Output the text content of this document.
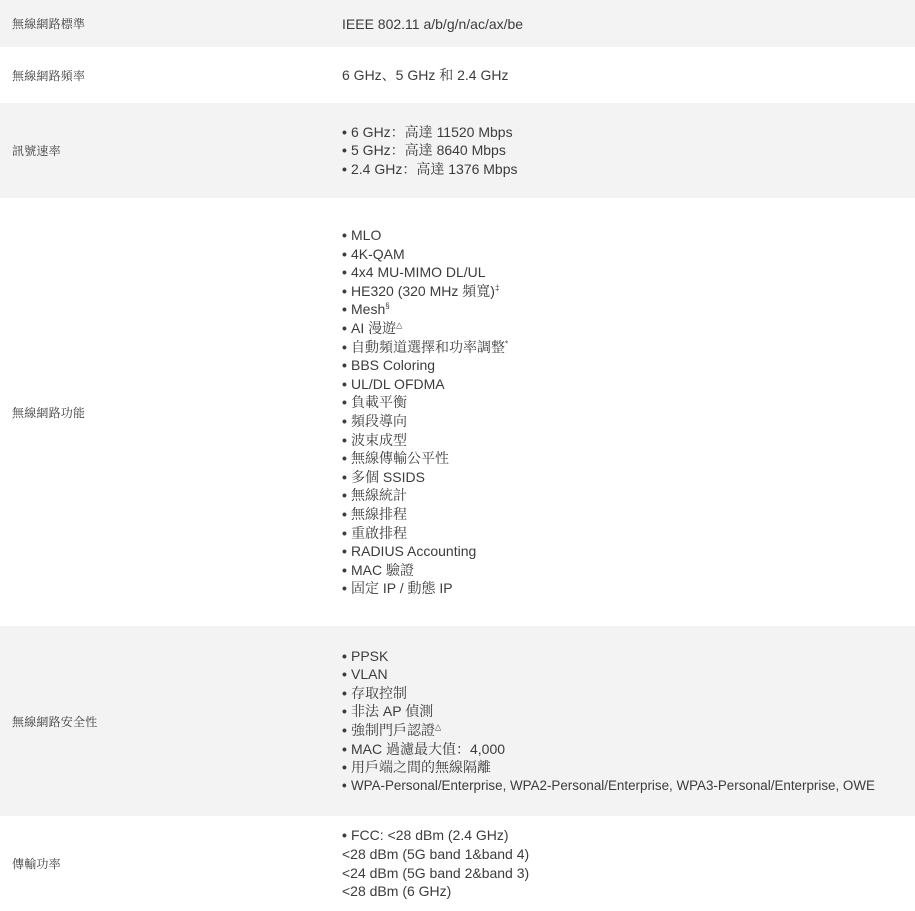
無線網路標準	IEEE 802.11 a/b/g/n/ac/ax/be
無線網路頻率	6 GHz、5 GHz 和 2.4 GHz
訊號速率
• 6 GHz：高達 11520 Mbps
• 5 GHz：高達 8640 Mbps
• 2.4 GHz：高達 1376 Mbps
無線網路功能
• MLO
• 4K-QAM
• 4x4 MU-MIMO DL/UL
• HE320 (320 MHz 頻寬)‡
• Mesh§
• AI 漫遊△
• 自動頻道選擇和功率調整*
• BBS Coloring
• UL/DL OFDMA
• 負載平衡
• 頻段導向
• 波束成型
• 無線傳輸公平性
• 多個 SSIDS
• 無線統計
• 無線排程
• 重啟排程
• RADIUS Accounting
• MAC 驗證
• 固定 IP / 動態 IP
無線網路安全性
• PPSK
• VLAN
• 存取控制
• 非法 AP 偵測
• 強制門戶認證△
• MAC 過濾最大值：4,000
• 用戶端之間的無線隔離
• WPA-Personal/Enterprise, WPA2-Personal/Enterprise, WPA3-Personal/Enterprise, OWE
傳輸功率
• FCC: <28 dBm (2.4 GHz)
<28 dBm (5G band 1&band 4)
<24 dBm (5G band 2&band 3)
<28 dBm (6 GHz)
